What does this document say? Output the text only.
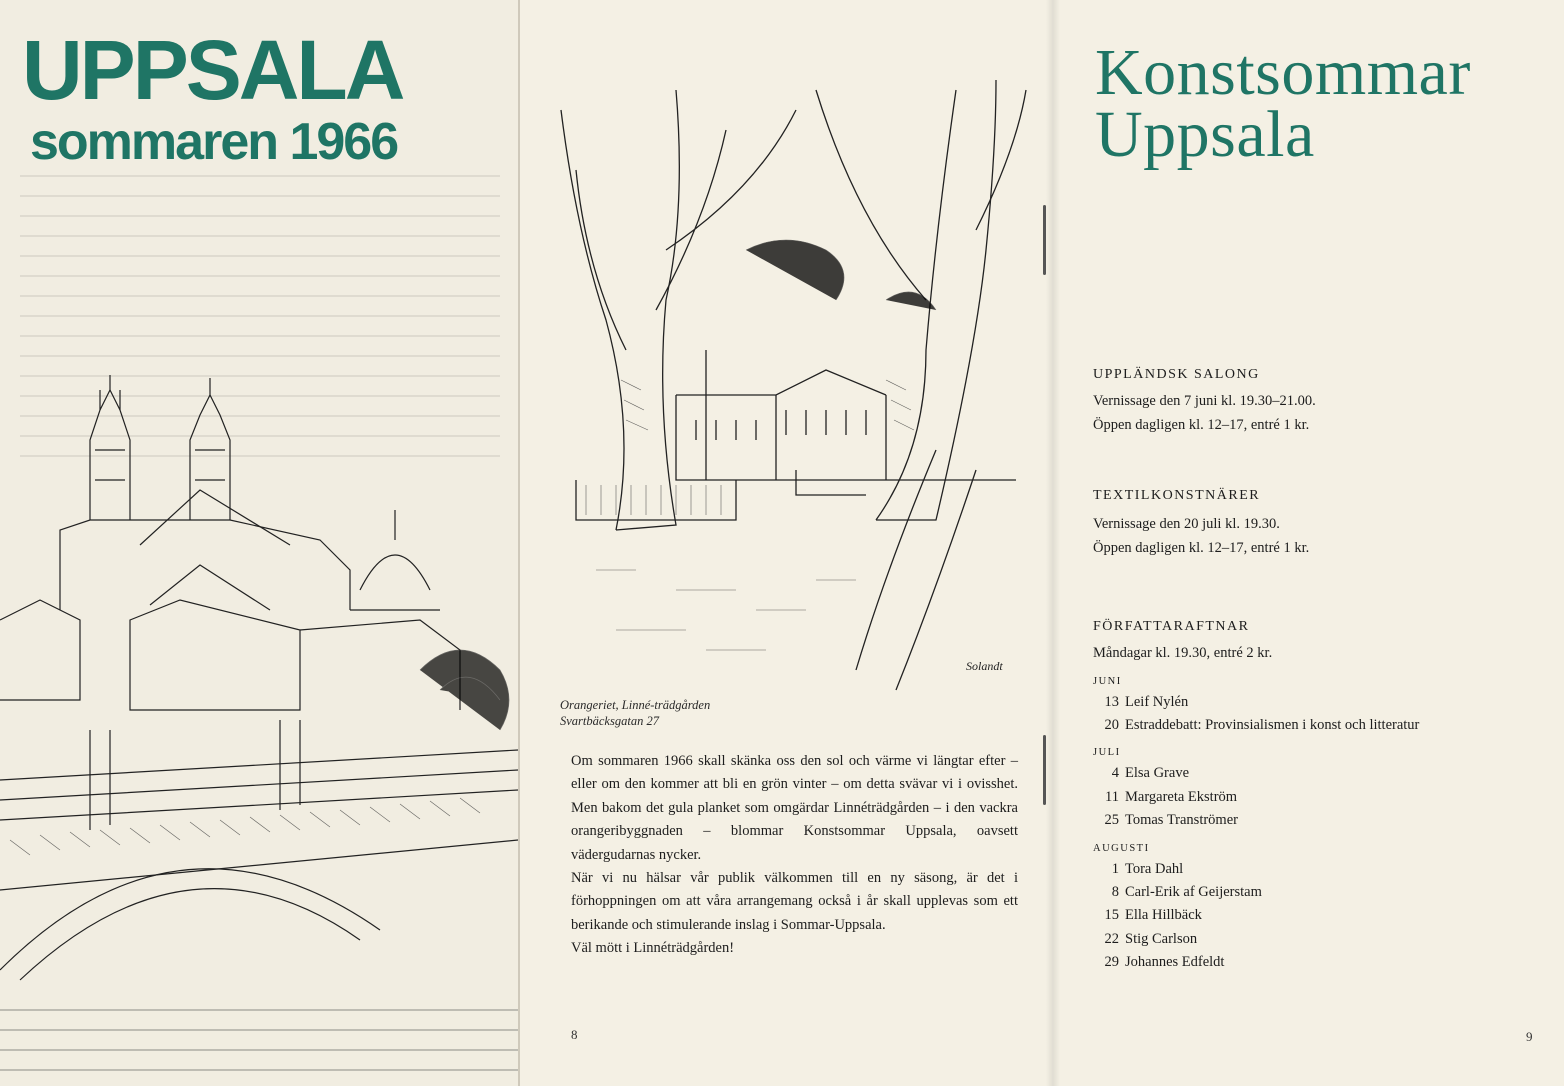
UPPSALA
sommaren 1966
Solandt

Orangeriet, Linné-trädgården
Svartbäcksgatan 27

Om sommaren 1966 skall skänka oss den sol och värme vi längtar efter – eller om den kommer att bli en grön vinter – om detta svävar vi i ovisshet. Men bakom det gula planket som omgärdar Linnéträdgården – i den vackra orangeribyggnaden – blommar Konstsommar Uppsala, oavsett vädergudarnas nycker.
När vi nu hälsar vår publik välkommen till en ny säsong, är det i förhoppningen om att våra arrangemang också i år skall upplevas som ett berikande och stimulerande inslag i Sommar-Uppsala.
Väl mött i Linnéträdgården!
8
Konstsommar
Uppsala

UPPLÄNDSK SALONG

Vernissage den 7 juni kl. 19.30–21.00.

Öppen dagligen kl. 12–17, entré 1 kr.

TEXTILKONSTNÄRER

Vernissage den 20 juli kl. 19.30.

Öppen dagligen kl. 12–17, entré 1 kr.

FÖRFATTARAFTNAR

Måndagar kl. 19.30, entré 2 kr.

JUNI
13 Leif Nylén
20 Estraddebatt: Provinsialismen i konst och litteratur
JULI
4 Elsa Grave
11 Margareta Ekström
25 Tomas Tranströmer
AUGUSTI
1 Tora Dahl
8 Carl-Erik af Geijerstam
15 Ella Hillbäck
22 Stig Carlson
29 Johannes Edfeldt
9
